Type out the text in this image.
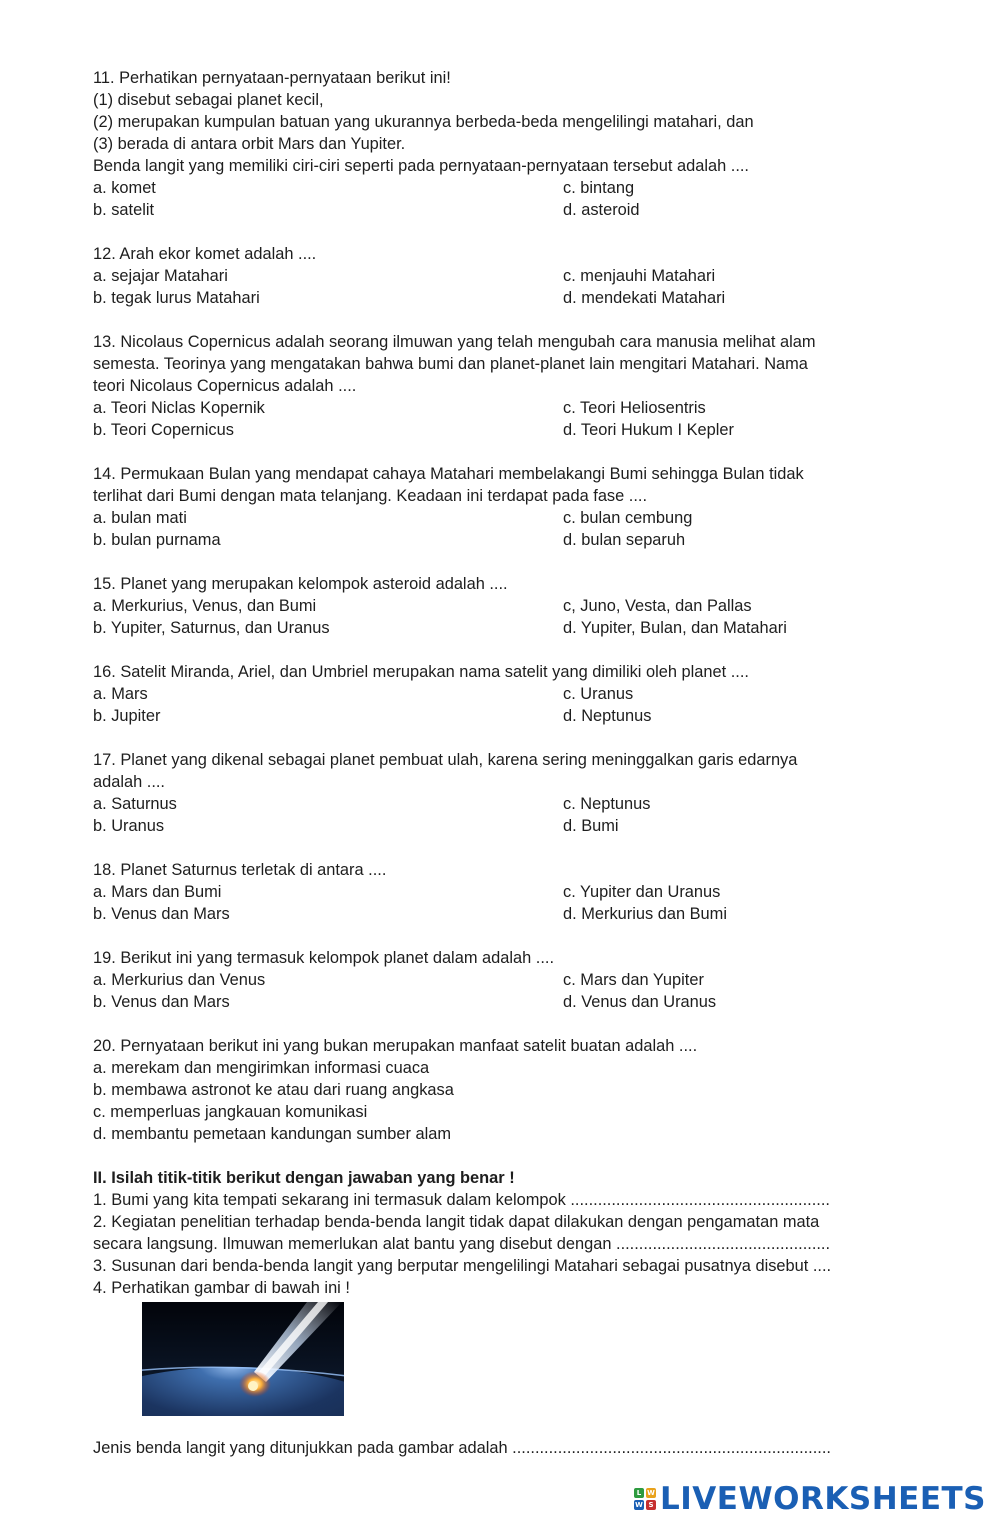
11. Perhatikan pernyataan-pernyataan berikut ini!
(1) disebut sebagai planet kecil,
(2) merupakan kumpulan batuan yang ukurannya berbeda-beda mengelilingi matahari, dan
(3) berada di antara orbit Mars dan Yupiter.
Benda langit yang memiliki ciri-ciri seperti pada pernyataan-pernyataan tersebut adalah ....
a. komet	c. bintang
b. satelit	d. asteroid
12. Arah ekor komet adalah ....
a. sejajar Matahari	c. menjauhi Matahari
b. tegak lurus Matahari	d. mendekati Matahari
13. Nicolaus Copernicus adalah seorang ilmuwan yang telah mengubah cara manusia melihat alam
semesta. Teorinya yang mengatakan bahwa bumi dan planet-planet lain mengitari Matahari. Nama
teori Nicolaus Copernicus adalah ....
a. Teori Niclas Kopernik	c. Teori Heliosentris
b. Teori Copernicus	d. Teori Hukum I Kepler
14. Permukaan Bulan yang mendapat cahaya Matahari membelakangi Bumi sehingga Bulan tidak
terlihat dari Bumi dengan mata telanjang. Keadaan ini terdapat pada fase ....
a. bulan mati	c. bulan cembung
b. bulan purnama	d. bulan separuh
15. Planet yang merupakan kelompok asteroid adalah ....
a. Merkurius, Venus, dan Bumi	c, Juno, Vesta, dan Pallas
b. Yupiter, Saturnus, dan Uranus	d. Yupiter, Bulan, dan Matahari
16. Satelit Miranda, Ariel, dan Umbriel merupakan nama satelit yang dimiliki oleh planet ....
a. Mars	c. Uranus
b. Jupiter	d. Neptunus
17. Planet yang dikenal sebagai planet pembuat ulah, karena sering meninggalkan garis edarnya
adalah ....
a. Saturnus	c. Neptunus
b. Uranus	d. Bumi
18. Planet Saturnus terletak di antara ....
a. Mars dan Bumi	c. Yupiter dan Uranus
b. Venus dan Mars	d. Merkurius dan Bumi
19. Berikut ini yang termasuk kelompok planet dalam adalah ....
a. Merkurius dan Venus	c. Mars dan Yupiter
b. Venus dan Mars	d. Venus dan Uranus
20. Pernyataan berikut ini yang bukan merupakan manfaat satelit buatan adalah ....
a. merekam dan mengirimkan informasi cuaca
b. membawa astronot ke atau dari ruang angkasa
c. memperluas jangkauan komunikasi
d. membantu pemetaan kandungan sumber alam
II. Isilah titik-titik berikut dengan jawaban yang benar !
1. Bumi yang kita tempati sekarang ini termasuk dalam kelompok .........................................................
2. Kegiatan penelitian terhadap benda-benda langit tidak dapat dilakukan dengan pengamatan mata
secara langsung. Ilmuwan memerlukan alat bantu yang disebut dengan ...............................................
3. Susunan dari benda-benda langit yang berputar mengelilingi Matahari sebagai pusatnya disebut ....
4. Perhatikan gambar di bawah ini !
Jenis benda langit yang ditunjukkan pada gambar adalah ......................................................................
L W
W S LIVEWORKSHEETS
